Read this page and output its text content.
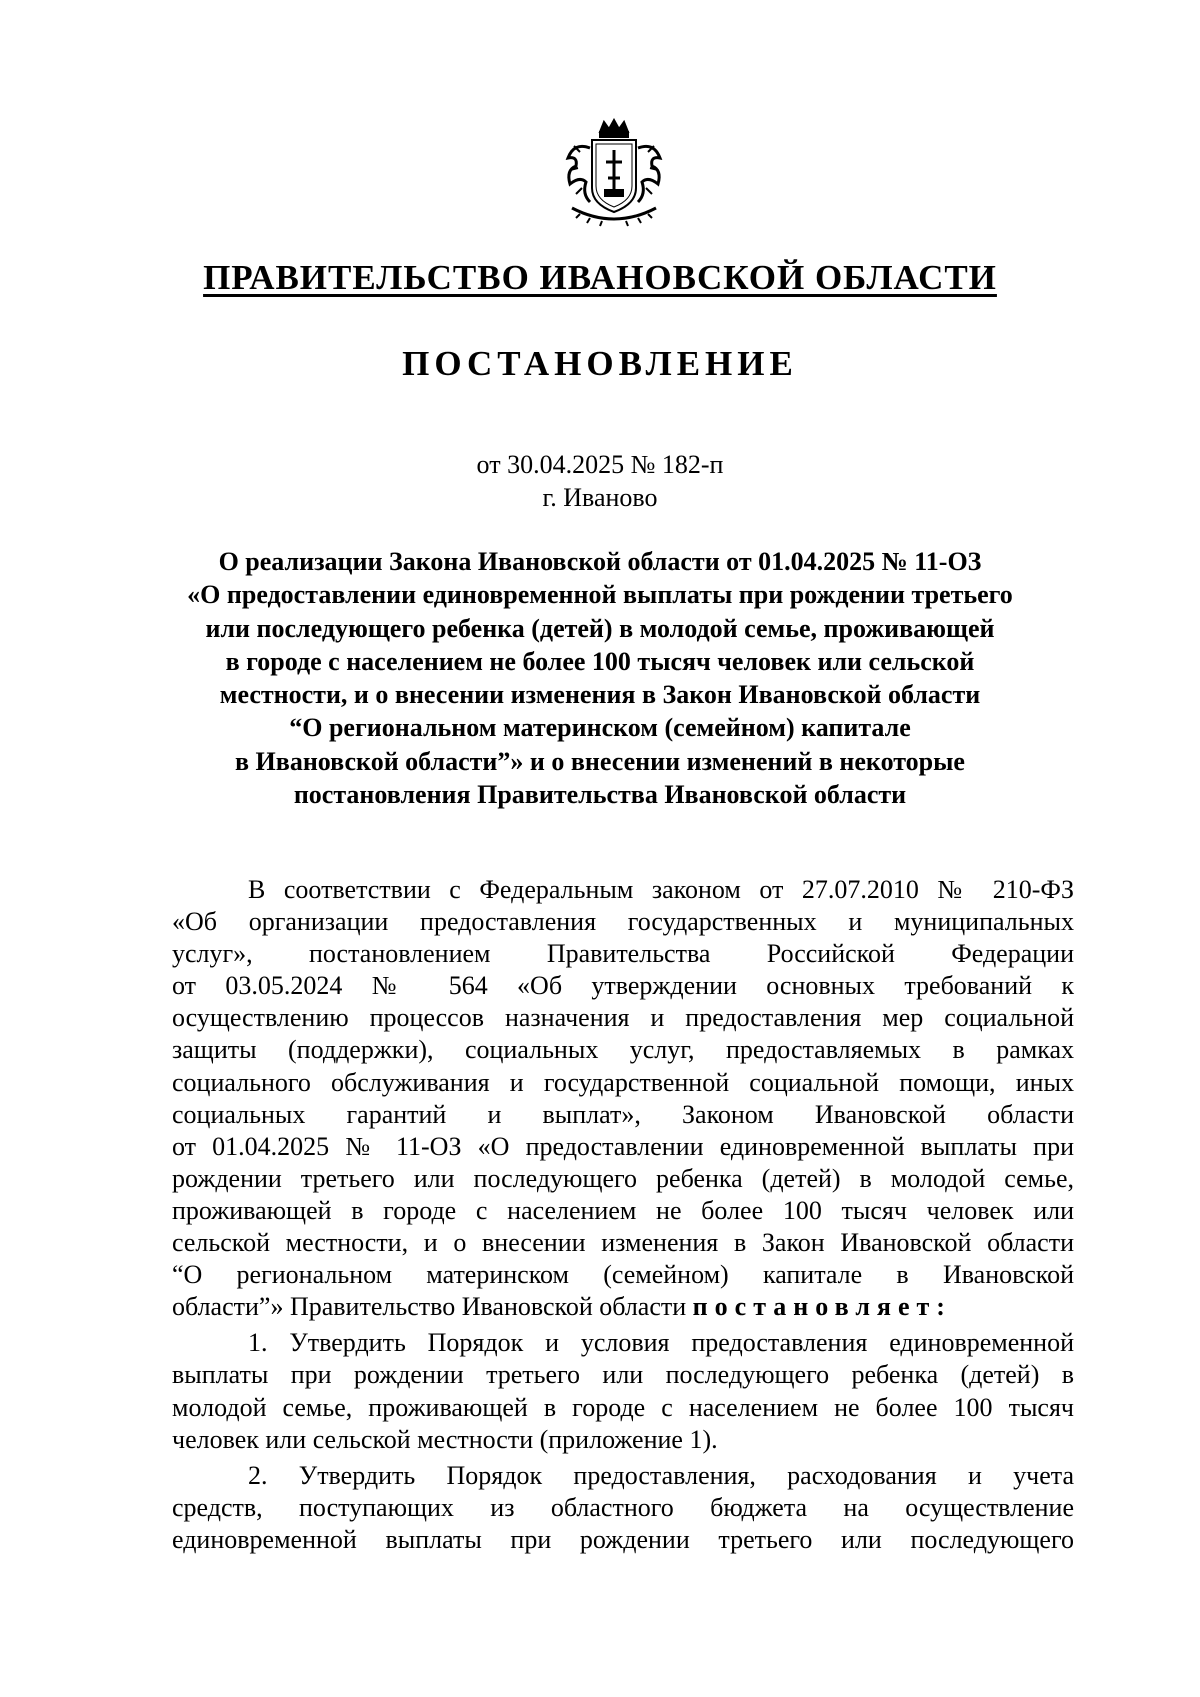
ПРАВИТЕЛЬСТВО ИВАНОВСКОЙ ОБЛАСТИ
ПОСТАНОВЛЕНИЕ
от 30.04.2025 № 182-п
г. Иваново
О реализации Закона Ивановской области от 01.04.2025 № 11-ОЗ
«О предоставлении единовременной выплаты при рождении третьего
или последующего ребенка (детей) в молодой семье, проживающей
в городе с населением не более 100 тысяч человек или сельской
местности, и о внесении изменения в Закон Ивановской области
“О региональном материнском (семейном) капитале
в Ивановской области”» и о внесении изменений в некоторые
постановления Правительства Ивановской области
В соответствии с Федеральным законом от 27.07.2010 № 210-ФЗ
«Об организации предоставления государственных и муниципальных
услуг», постановлением Правительства Российской Федерации
от 03.05.2024 № 564 «Об утверждении основных требований к
осуществлению процессов назначения и предоставления мер социальной
защиты (поддержки), социальных услуг, предоставляемых в рамках
социального обслуживания и государственной социальной помощи, иных
социальных гарантий и выплат», Законом Ивановской области
от 01.04.2025 № 11-ОЗ «О предоставлении единовременной выплаты при
рождении третьего или последующего ребенка (детей) в молодой семье,
проживающей в городе с населением не более 100 тысяч человек или
сельской местности, и о внесении изменения в Закон Ивановской области
“О региональном материнском (семейном) капитале в Ивановской
области”» Правительство Ивановской области постановляет:
1. Утвердить Порядок и условия предоставления единовременной
выплаты при рождении третьего или последующего ребенка (детей) в
молодой семье, проживающей в городе с населением не более 100 тысяч
человек или сельской местности (приложение 1).
2. Утвердить Порядок предоставления, расходования и учета
средств, поступающих из областного бюджета на осуществление
единовременной выплаты при рождении третьего или последующего
